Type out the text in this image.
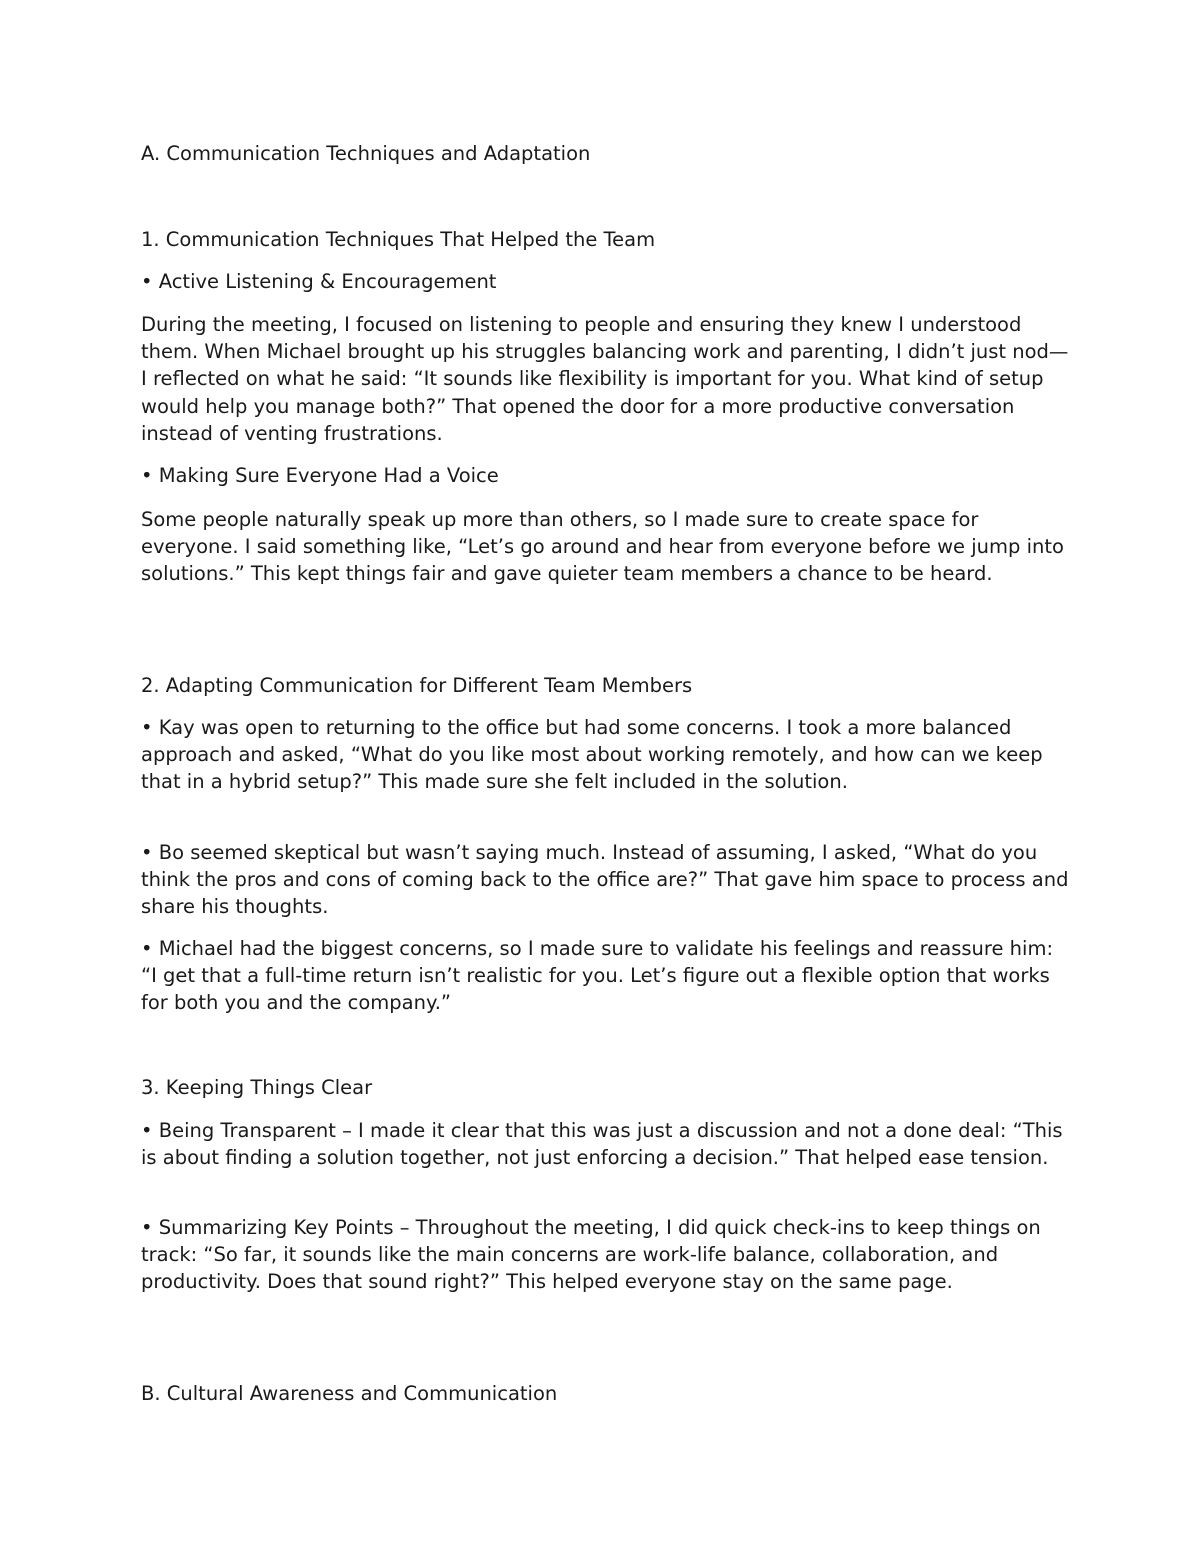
A. Communication Techniques and Adaptation

1. Communication Techniques That Helped the Team

• Active Listening & Encouragement

During the meeting, I focused on listening to people and ensuring they knew I understood them. When Michael brought up his struggles balancing work and parenting, I didn’t just nod—I reflected on what he said: “It sounds like flexibility is important for you. What kind of setup would help you manage both?” That opened the door for a more productive conversation instead of venting frustrations.

• Making Sure Everyone Had a Voice

Some people naturally speak up more than others, so I made sure to create space for everyone. I said something like, “Let’s go around and hear from everyone before we jump into solutions.” This kept things fair and gave quieter team members a chance to be heard.

2. Adapting Communication for Different Team Members

• Kay was open to returning to the office but had some concerns. I took a more balanced approach and asked, “What do you like most about working remotely, and how can we keep that in a hybrid setup?” This made sure she felt included in the solution.

• Bo seemed skeptical but wasn’t saying much. Instead of assuming, I asked, “What do you think the pros and cons of coming back to the office are?” That gave him space to process and share his thoughts.

• Michael had the biggest concerns, so I made sure to validate his feelings and reassure him: “I get that a full-time return isn’t realistic for you. Let’s figure out a flexible option that works for both you and the company.”

3. Keeping Things Clear

• Being Transparent – I made it clear that this was just a discussion and not a done deal: “This is about finding a solution together, not just enforcing a decision.” That helped ease tension.

• Summarizing Key Points – Throughout the meeting, I did quick check-ins to keep things on track: “So far, it sounds like the main concerns are work-life balance, collaboration, and productivity. Does that sound right?” This helped everyone stay on the same page.

B. Cultural Awareness and Communication
